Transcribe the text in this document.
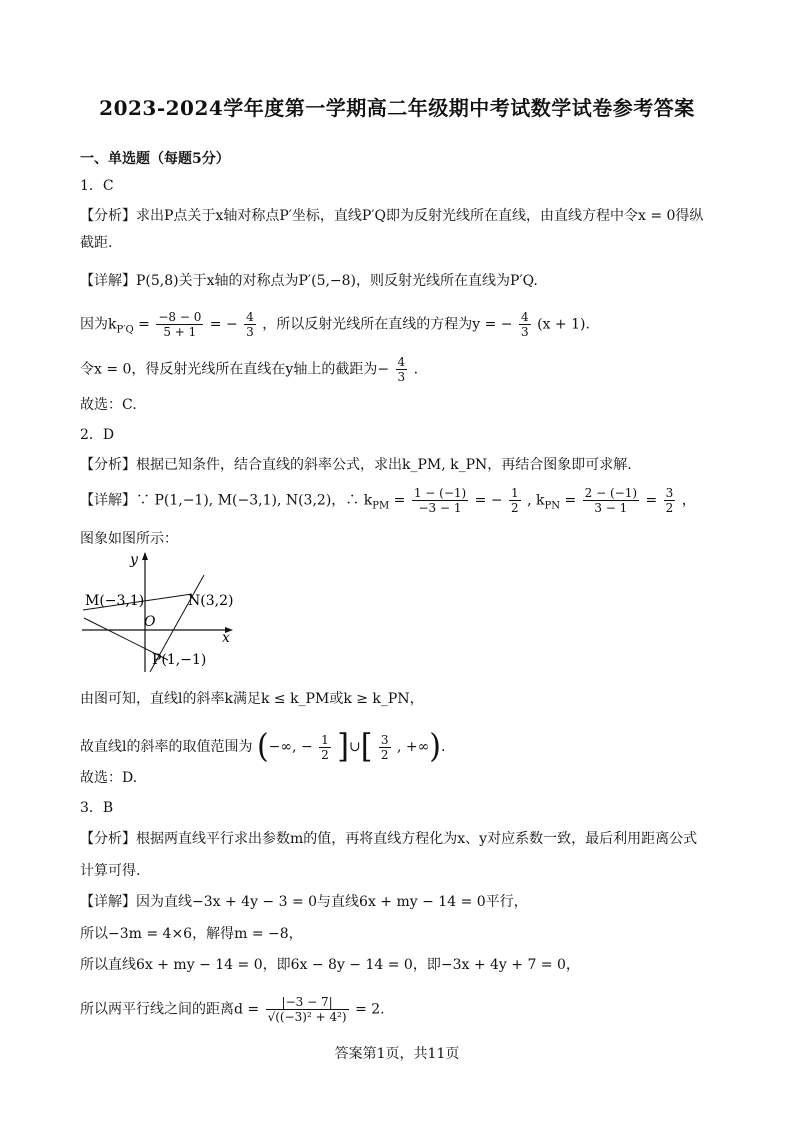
2023-2024学年度第一学期高二年级期中考试数学试卷参考答案
一、单选题（每题5分）
1．C
【分析】求出P点关于x轴对称点P′坐标，直线P′Q即为反射光线所在直线，由直线方程中令x = 0得纵
截距.
【详解】P(5,8)关于x轴的对称点为P′(5,−8)，则反射光线所在直线为P′Q.
因为$k_{P'Q} = \frac{-8 - 0}{5 + 1}$ = − $\frac{4}{3}$ ，所以反射光线所在直线的方程为y = − $\frac{4}{3} (x + 1)$.
令x = 0，得反射光线所在直线在y轴上的截距为− $\frac{4}{3}$ .
故选：C.
2．D
【分析】根据已知条件，结合直线的斜率公式，求出k_PM, k_PN，再结合图象即可求解.
【详解】∵ P(1,−1), M(−3,1), N(3,2)，∴ $k_{PM} = \frac{1 - (-1)}{-3 - 1}$ = − $\frac{1}{2}$ , $k_{PN} = \frac{2 - (-1)}{3 - 1} = \frac{3}{2}$ ，
图象如图所示：
y
x
O
M(−3,1)	N(3,2)
P(1,−1)
由图可知，直线l的斜率k满足k ≤ k_PM或k ≥ k_PN，
故直线l的斜率的取值范围为 (−∞, − $\frac{1}{2}$ ]∪[ $\frac{3}{2}$ , +∞).
故选：D.
3．B
【分析】根据两直线平行求出参数m的值，再将直线方程化为x、y对应系数一致，最后利用距离公式
计算可得.
【详解】因为直线−3x + 4y − 3 = 0与直线6x + my − 14 = 0平行，
所以−3m = 4×6，解得m = −8，
所以直线6x + my − 14 = 0，即6x − 8y − 14 = 0，即−3x + 4y + 7 = 0，
所以两平行线之间的距离$d = \frac{|-3 - 7|}{\text{√((−3)² + 4²)}} = 2$.
答案第1页，共11页
